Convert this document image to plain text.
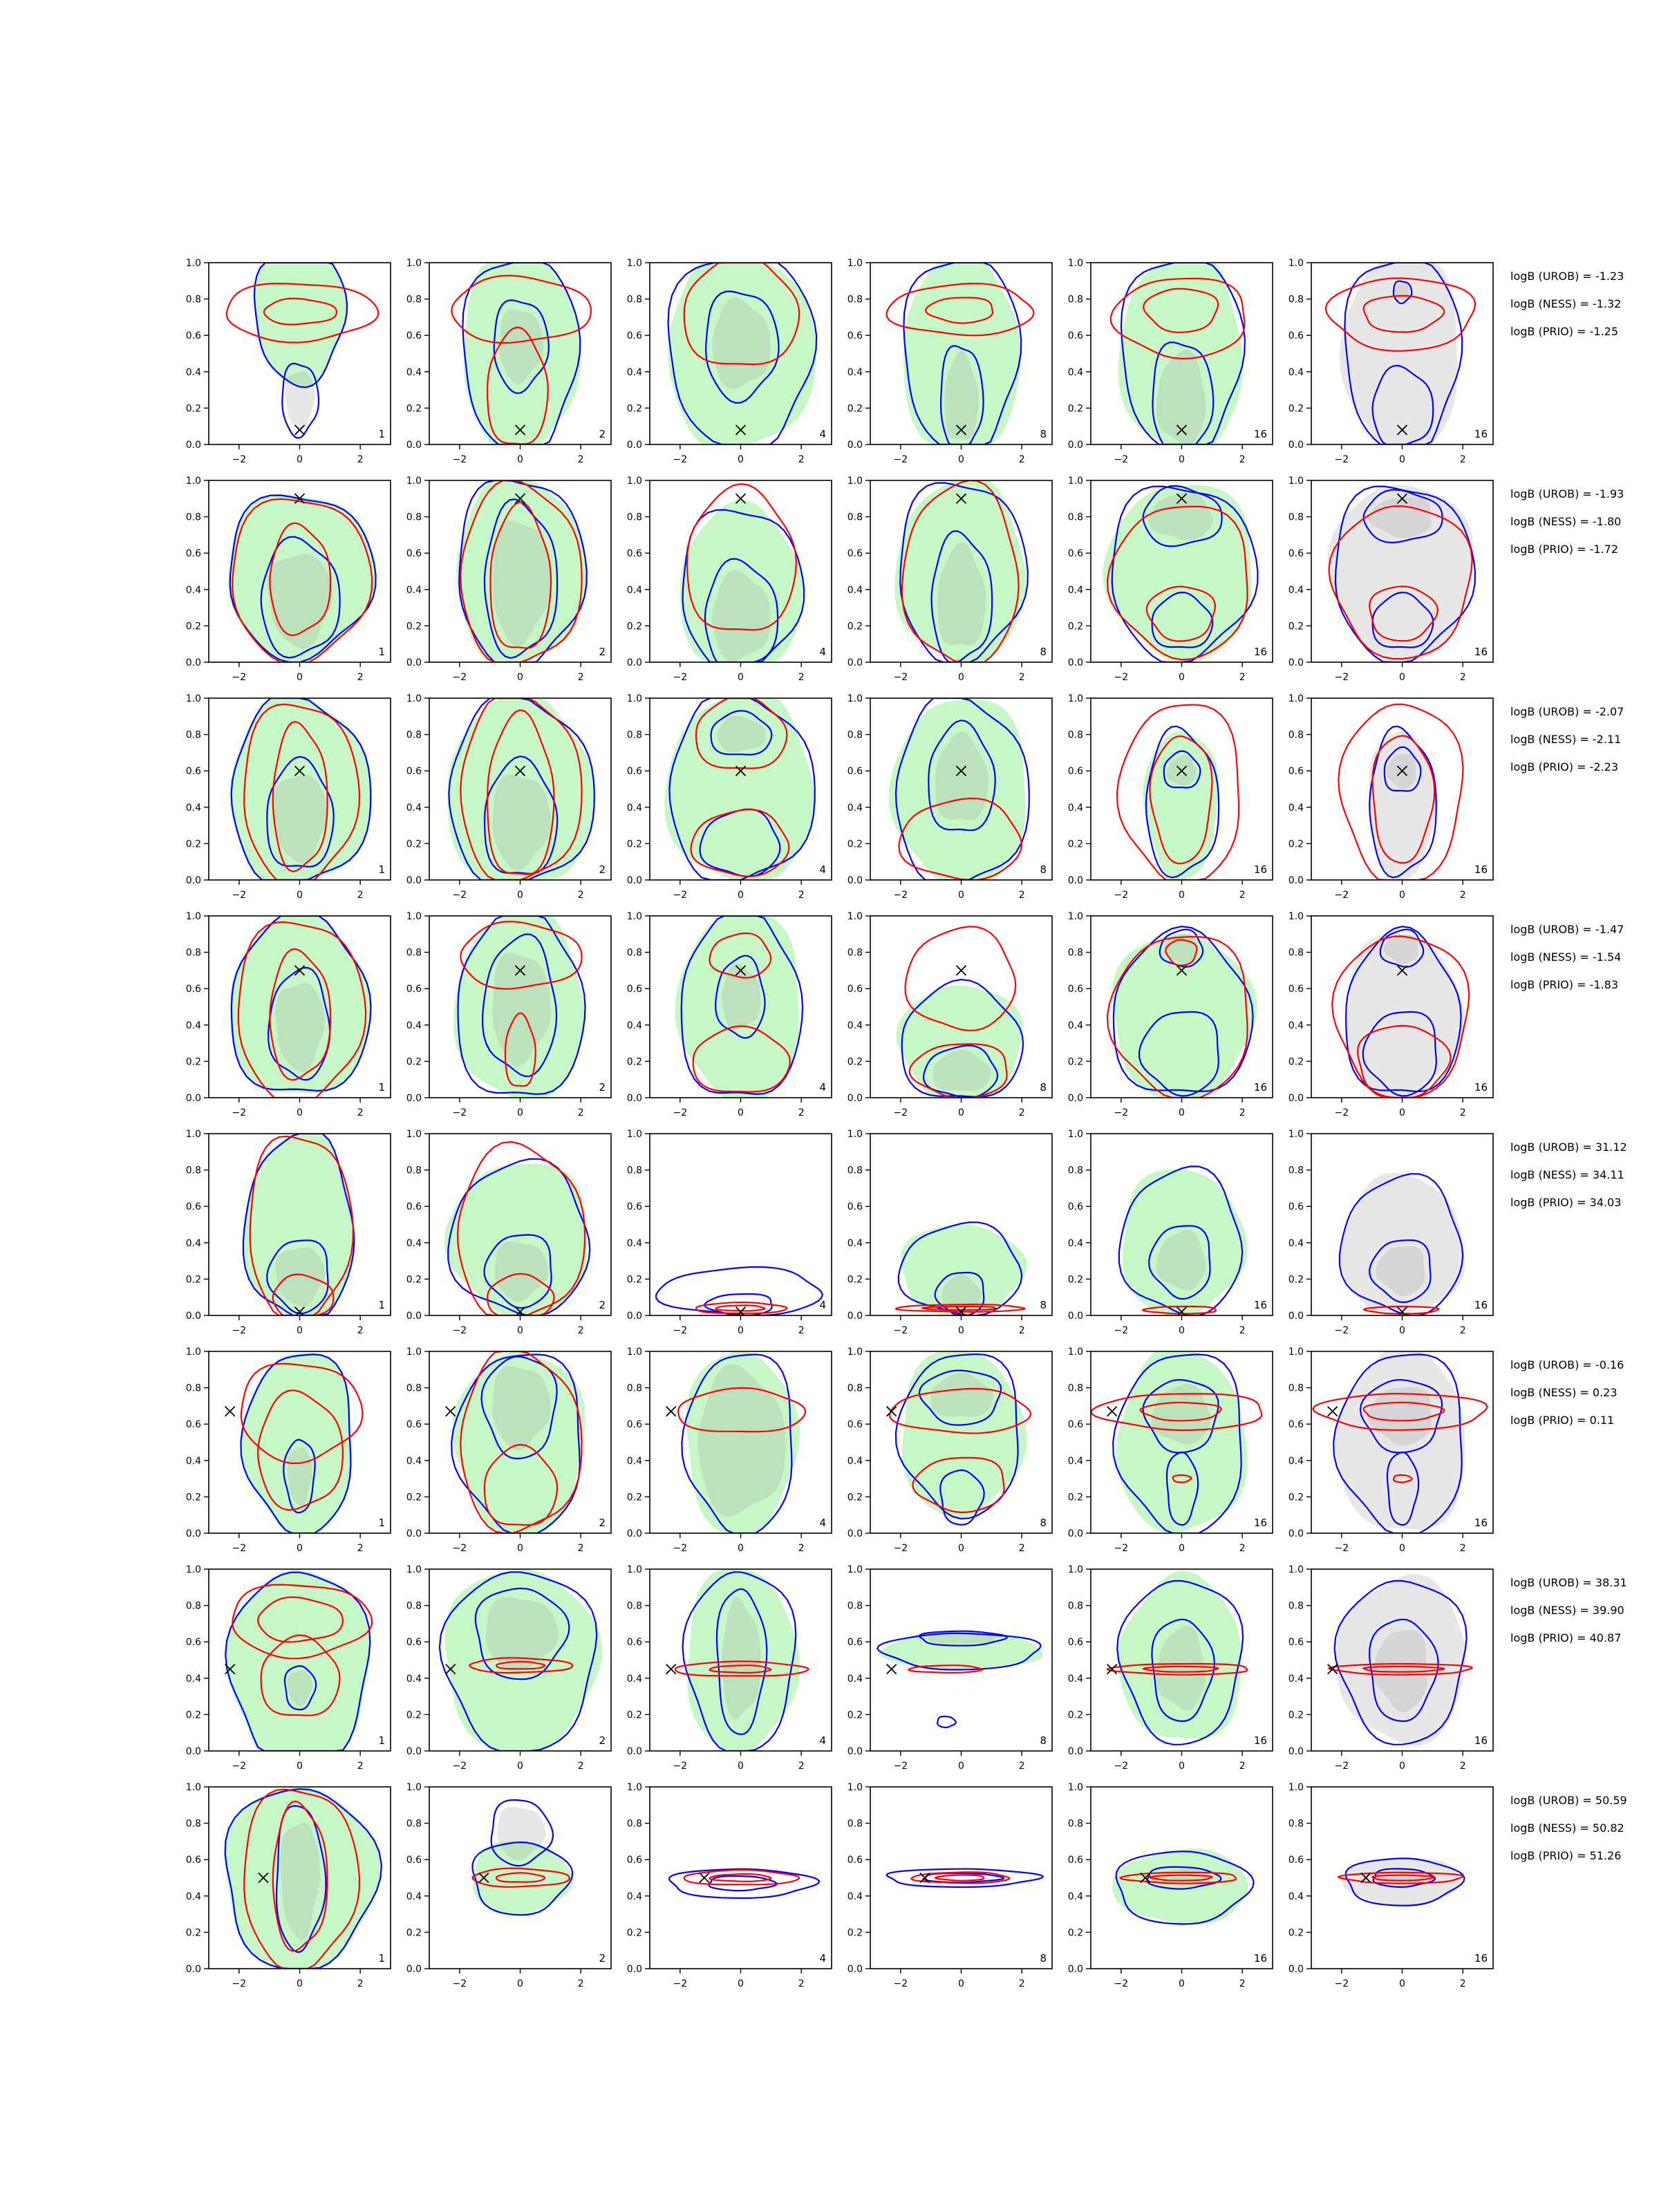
−2	0	2
0.0
0.2
0.4
0.6
0.8
1.0
1
−2	0	2
0.0
0.2
0.4
0.6
0.8
1.0
2
−2	0	2
0.0
0.2
0.4
0.6
0.8
1.0
4
−2	0	2
0.0
0.2
0.4
0.6
0.8
1.0
8
−2	0	2
0.0
0.2
0.4
0.6
0.8
1.0
16
−2	0	2
0.0
0.2
0.4
0.6
0.8
1.0
16
−2	0	2
0.0
0.2
0.4
0.6
0.8
1.0
1
−2	0	2
0.0
0.2
0.4
0.6
0.8
1.0
2
−2	0	2
0.0
0.2
0.4
0.6
0.8
1.0
4
−2	0	2
0.0
0.2
0.4
0.6
0.8
1.0
8
−2	0	2
0.0
0.2
0.4
0.6
0.8
1.0
16
−2	0	2
0.0
0.2
0.4
0.6
0.8
1.0
16
−2	0	2
0.0
0.2
0.4
0.6
0.8
1.0
1
−2	0	2
0.0
0.2
0.4
0.6
0.8
1.0
2
−2	0	2
0.0
0.2
0.4
0.6
0.8
1.0
4
−2	0	2
0.0
0.2
0.4
0.6
0.8
1.0
8
−2	0	2
0.0
0.2
0.4
0.6
0.8
1.0
16
−2	0	2
0.0
0.2
0.4
0.6
0.8
1.0
16
−2	0	2
0.0
0.2
0.4
0.6
0.8
1.0
1
−2	0	2
0.0
0.2
0.4
0.6
0.8
1.0
2
−2	0	2
0.0
0.2
0.4
0.6
0.8
1.0
4
−2	0	2
0.0
0.2
0.4
0.6
0.8
1.0
8
−2	0	2
0.0
0.2
0.4
0.6
0.8
1.0
16
−2	0	2
0.0
0.2
0.4
0.6
0.8
1.0
16
−2	0	2
0.0
0.2
0.4
0.6
0.8
1.0
1
−2	0	2
0.0
0.2
0.4
0.6
0.8
1.0
2
−2	0	2
0.0
0.2
0.4
0.6
0.8
1.0
4
−2	0	2
0.0
0.2
0.4
0.6
0.8
1.0
8
−2	0	2
0.0
0.2
0.4
0.6
0.8
1.0
16
−2	0	2
0.0
0.2
0.4
0.6
0.8
1.0
16
−2	0	2
0.0
0.2
0.4
0.6
0.8
1.0
1
−2	0	2
0.0
0.2
0.4
0.6
0.8
1.0
2
−2	0	2
0.0
0.2
0.4
0.6
0.8
1.0
4
−2	0	2
0.0
0.2
0.4
0.6
0.8
1.0
8
−2	0	2
0.0
0.2
0.4
0.6
0.8
1.0
16
−2	0	2
0.0
0.2
0.4
0.6
0.8
1.0
16
−2	0	2
0.0
0.2
0.4
0.6
0.8
1.0
1
−2	0	2
0.0
0.2
0.4
0.6
0.8
1.0
2
−2	0	2
0.0
0.2
0.4
0.6
0.8
1.0
4
−2	0	2
0.0
0.2
0.4
0.6
0.8
1.0
8
−2	0	2
0.0
0.2
0.4
0.6
0.8
1.0
16
−2	0	2
0.0
0.2
0.4
0.6
0.8
1.0
16
−2	0	2
0.0
0.2
0.4
0.6
0.8
1.0
1
−2	0	2
0.0
0.2
0.4
0.6
0.8
1.0
2
−2	0	2
0.0
0.2
0.4
0.6
0.8
1.0
4
−2	0	2
0.0
0.2
0.4
0.6
0.8
1.0
8
−2	0	2
0.0
0.2
0.4
0.6
0.8
1.0
16
−2	0	2
0.0
0.2
0.4
0.6
0.8
1.0
16
logB (UROB) = -1.23
logB (NESS) = -1.32
logB (PRIO) = -1.25
logB (UROB) = -1.93
logB (NESS) = -1.80
logB (PRIO) = -1.72
logB (UROB) = -2.07
logB (NESS) = -2.11
logB (PRIO) = -2.23
logB (UROB) = -1.47
logB (NESS) = -1.54
logB (PRIO) = -1.83
logB (UROB) = 31.12
logB (NESS) = 34.11
logB (PRIO) = 34.03
logB (UROB) = -0.16
logB (NESS) = 0.23
logB (PRIO) = 0.11
logB (UROB) = 38.31
logB (NESS) = 39.90
logB (PRIO) = 40.87
logB (UROB) = 50.59
logB (NESS) = 50.82
logB (PRIO) = 51.26
